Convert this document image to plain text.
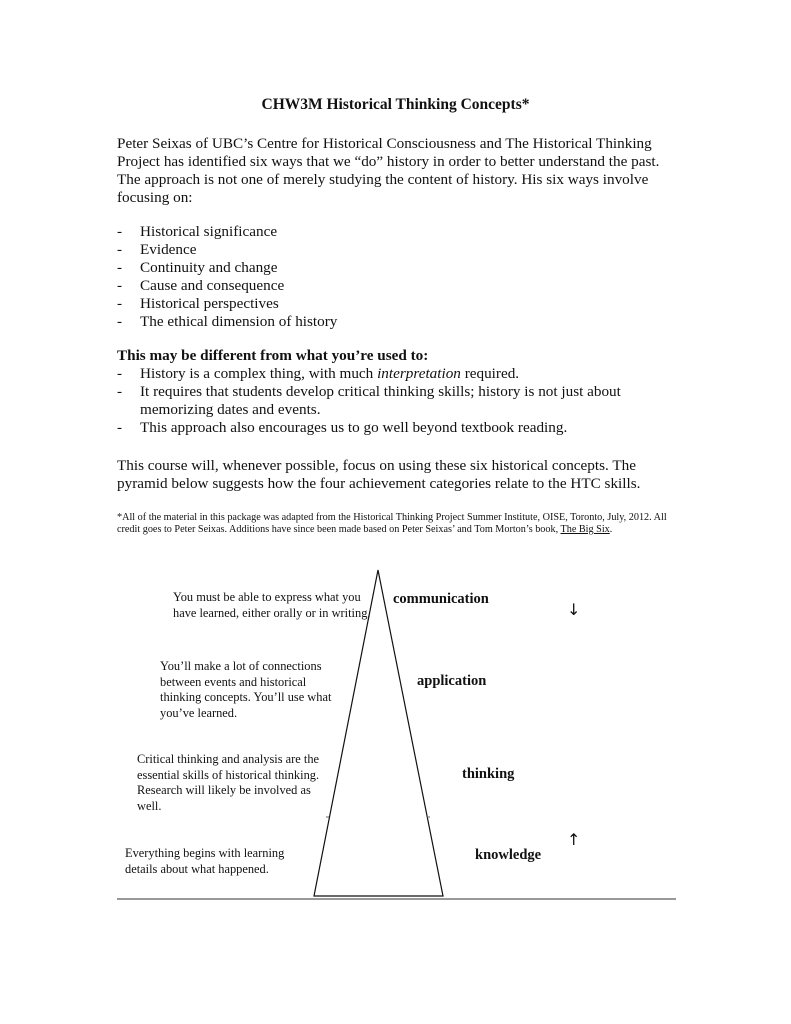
CHW3M Historical Thinking Concepts*
Peter Seixas of UBC’s Centre for Historical Consciousness and The Historical Thinking Project has identified six ways that we “do” history in order to better understand the past. The approach is not one of merely studying the content of history. His six ways involve focusing on:
- Historical significance
- Evidence
- Continuity and change
- Cause and consequence
- Historical perspectives
- The ethical dimension of history
This may be different from what you’re used to:
- History is a complex thing, with much interpretation required.
- It requires that students develop critical thinking skills; history is not just about memorizing dates and events.
- This approach also encourages us to go well beyond textbook reading.
This course will, whenever possible, focus on using these six historical concepts. The pyramid below suggests how the four achievement categories relate to the HTC skills.
*All of the material in this package was adapted from the Historical Thinking Project Summer Institute, OISE, Toronto, July, 2012. All credit goes to Peter Seixas. Additions have since been made based on Peter Seixas’ and Tom Morton’s book, The Big Six.
You must be able to express what you have learned, either orally or in writing.
communication
↓
You’ll make a lot of connections between events and historical thinking concepts. You’ll use what you’ve learned.
application
Critical thinking and analysis are the essential skills of historical thinking. Research will likely be involved as well.
thinking
Everything begins with learning details about what happened.
knowledge
↑
